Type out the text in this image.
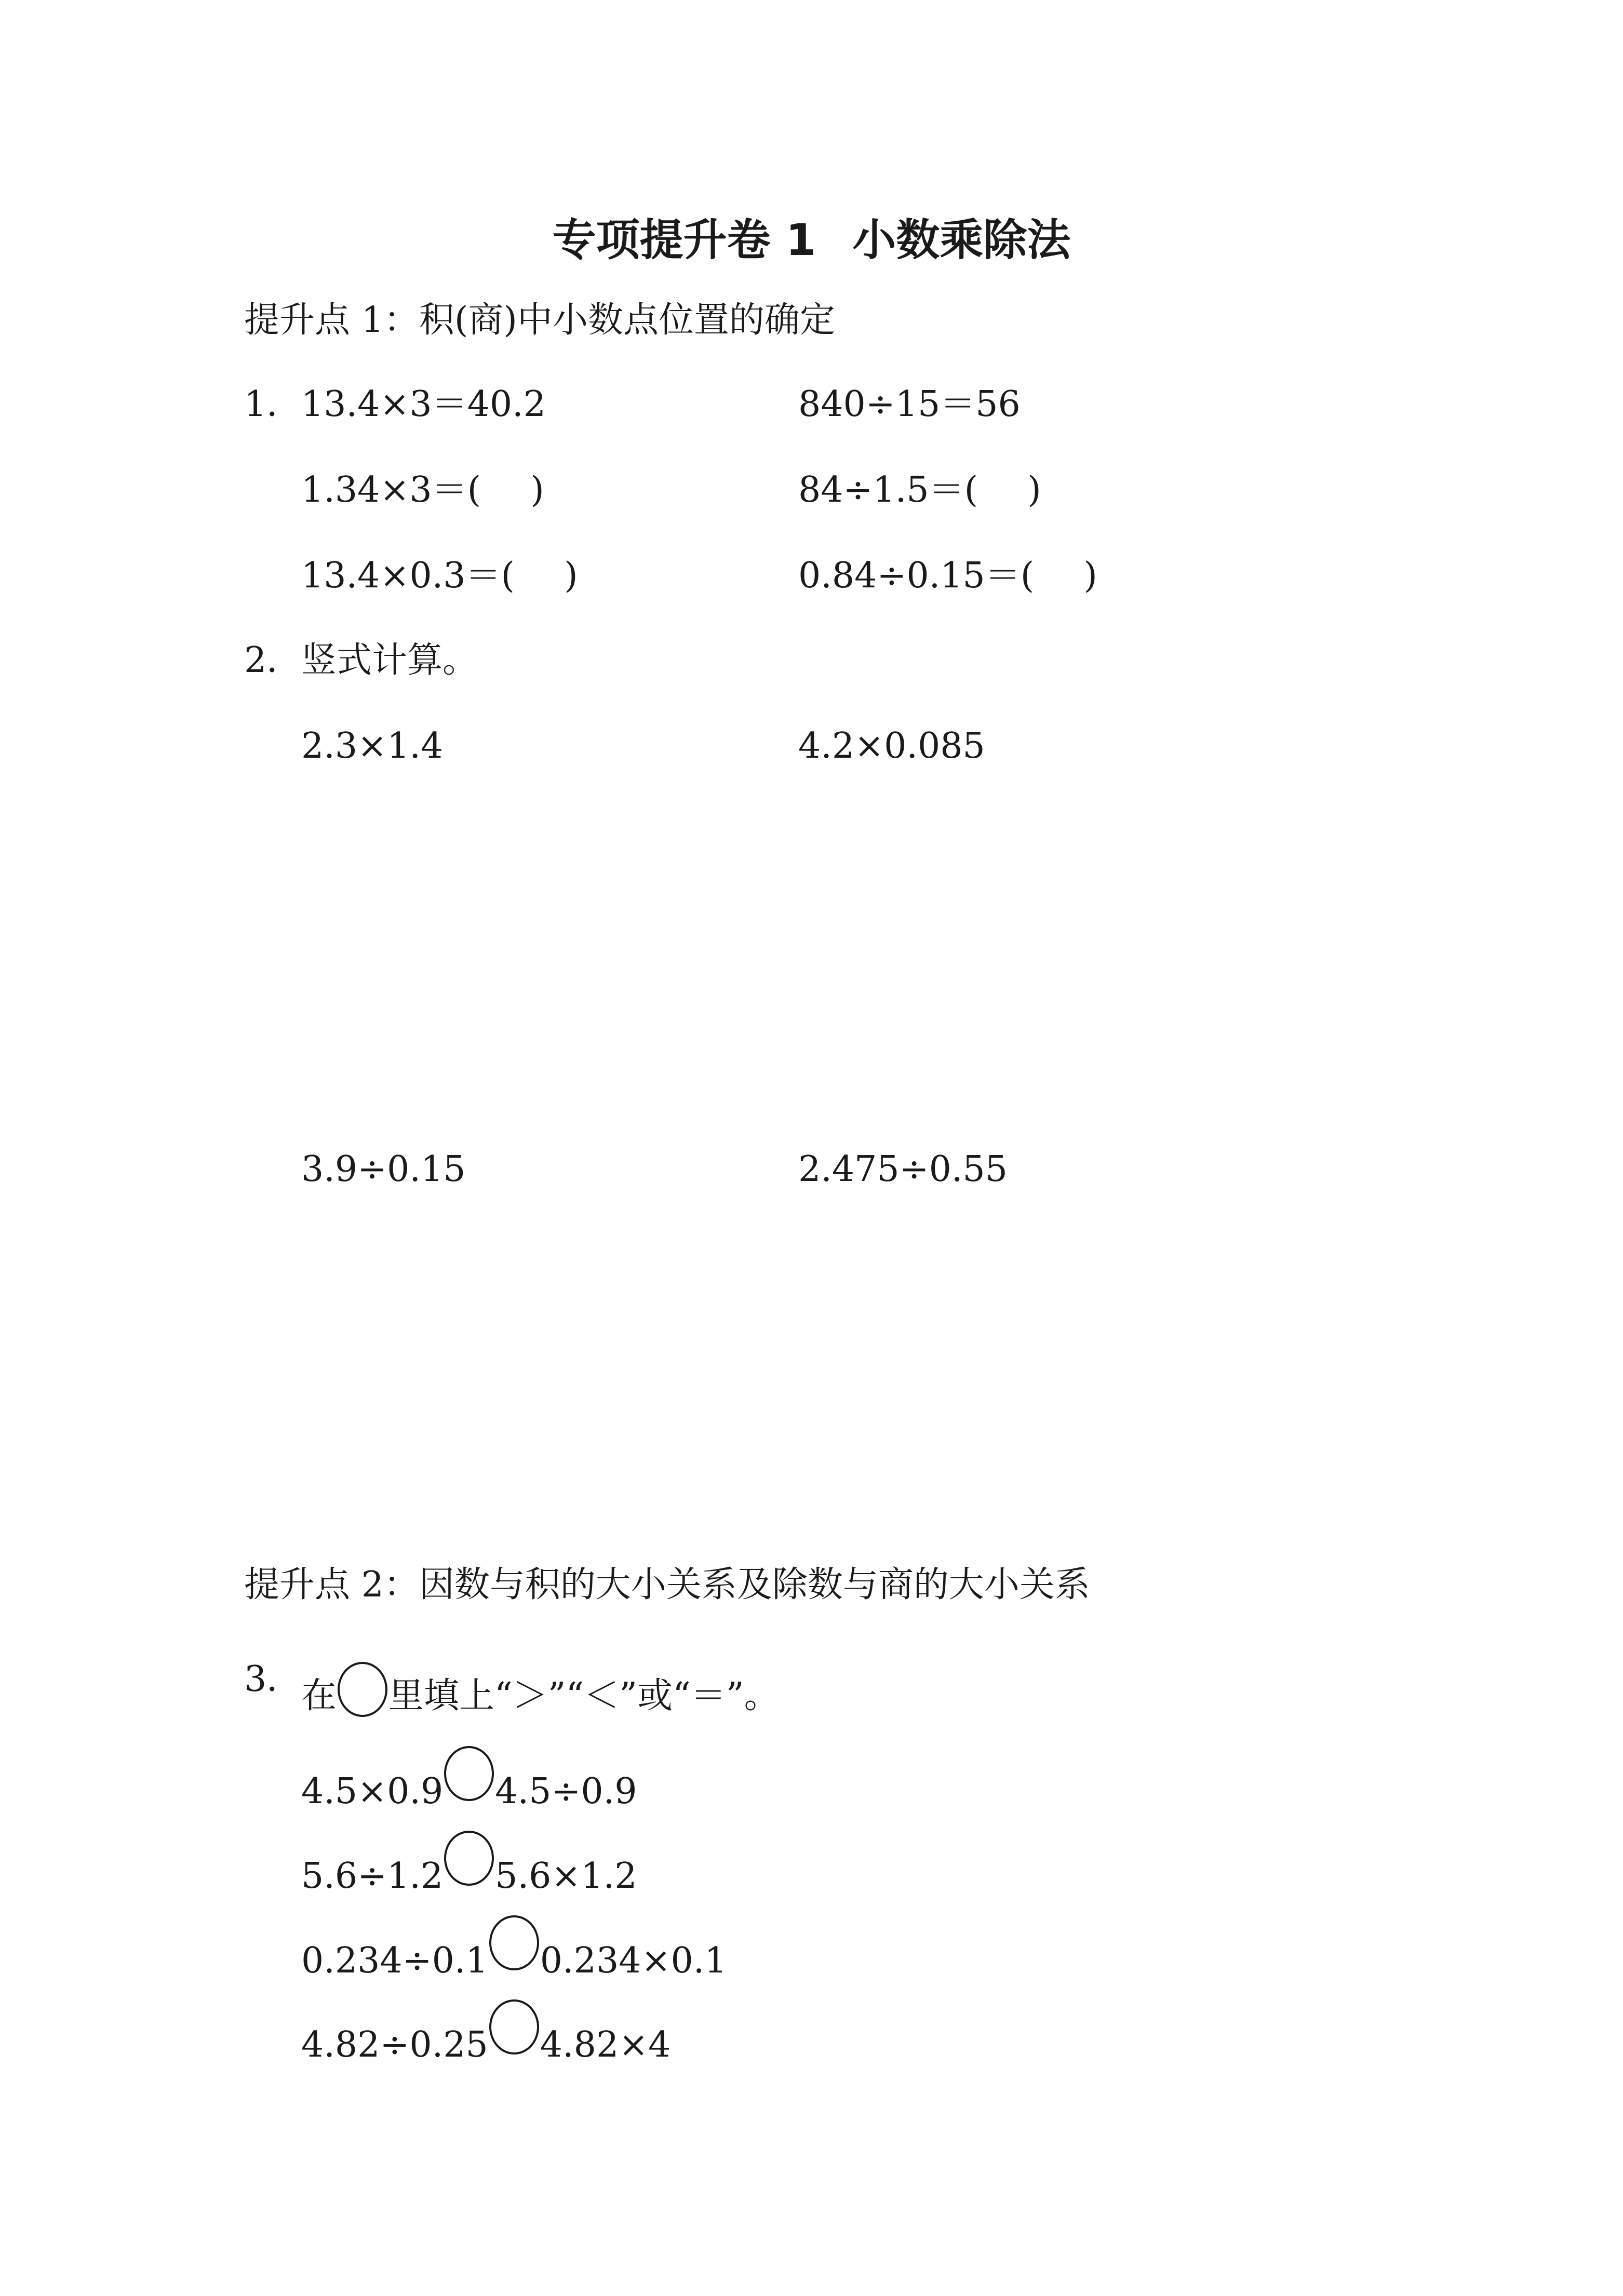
专项提升卷 1 小数乘除法
提升点 1：积(商)中小数点位置的确定
1．
13.4×3＝40.2	840÷15＝56
1.34×3＝( )	84÷1.5＝( )
13.4×0.3＝( )	0.84÷0.15＝( )
2．
竖式计算。
2.3×1.4	4.2×0.085
3.9÷0.15	2.475÷0.55
提升点 2：因数与积的大小关系及除数与商的大小关系
3．
在 里填上“＞”“＜”或“＝”。
4.5×0.9 4.5÷0.9
5.6÷1.2 5.6×1.2
0.234÷0.1 0.234×0.1
4.82÷0.25 4.82×4
